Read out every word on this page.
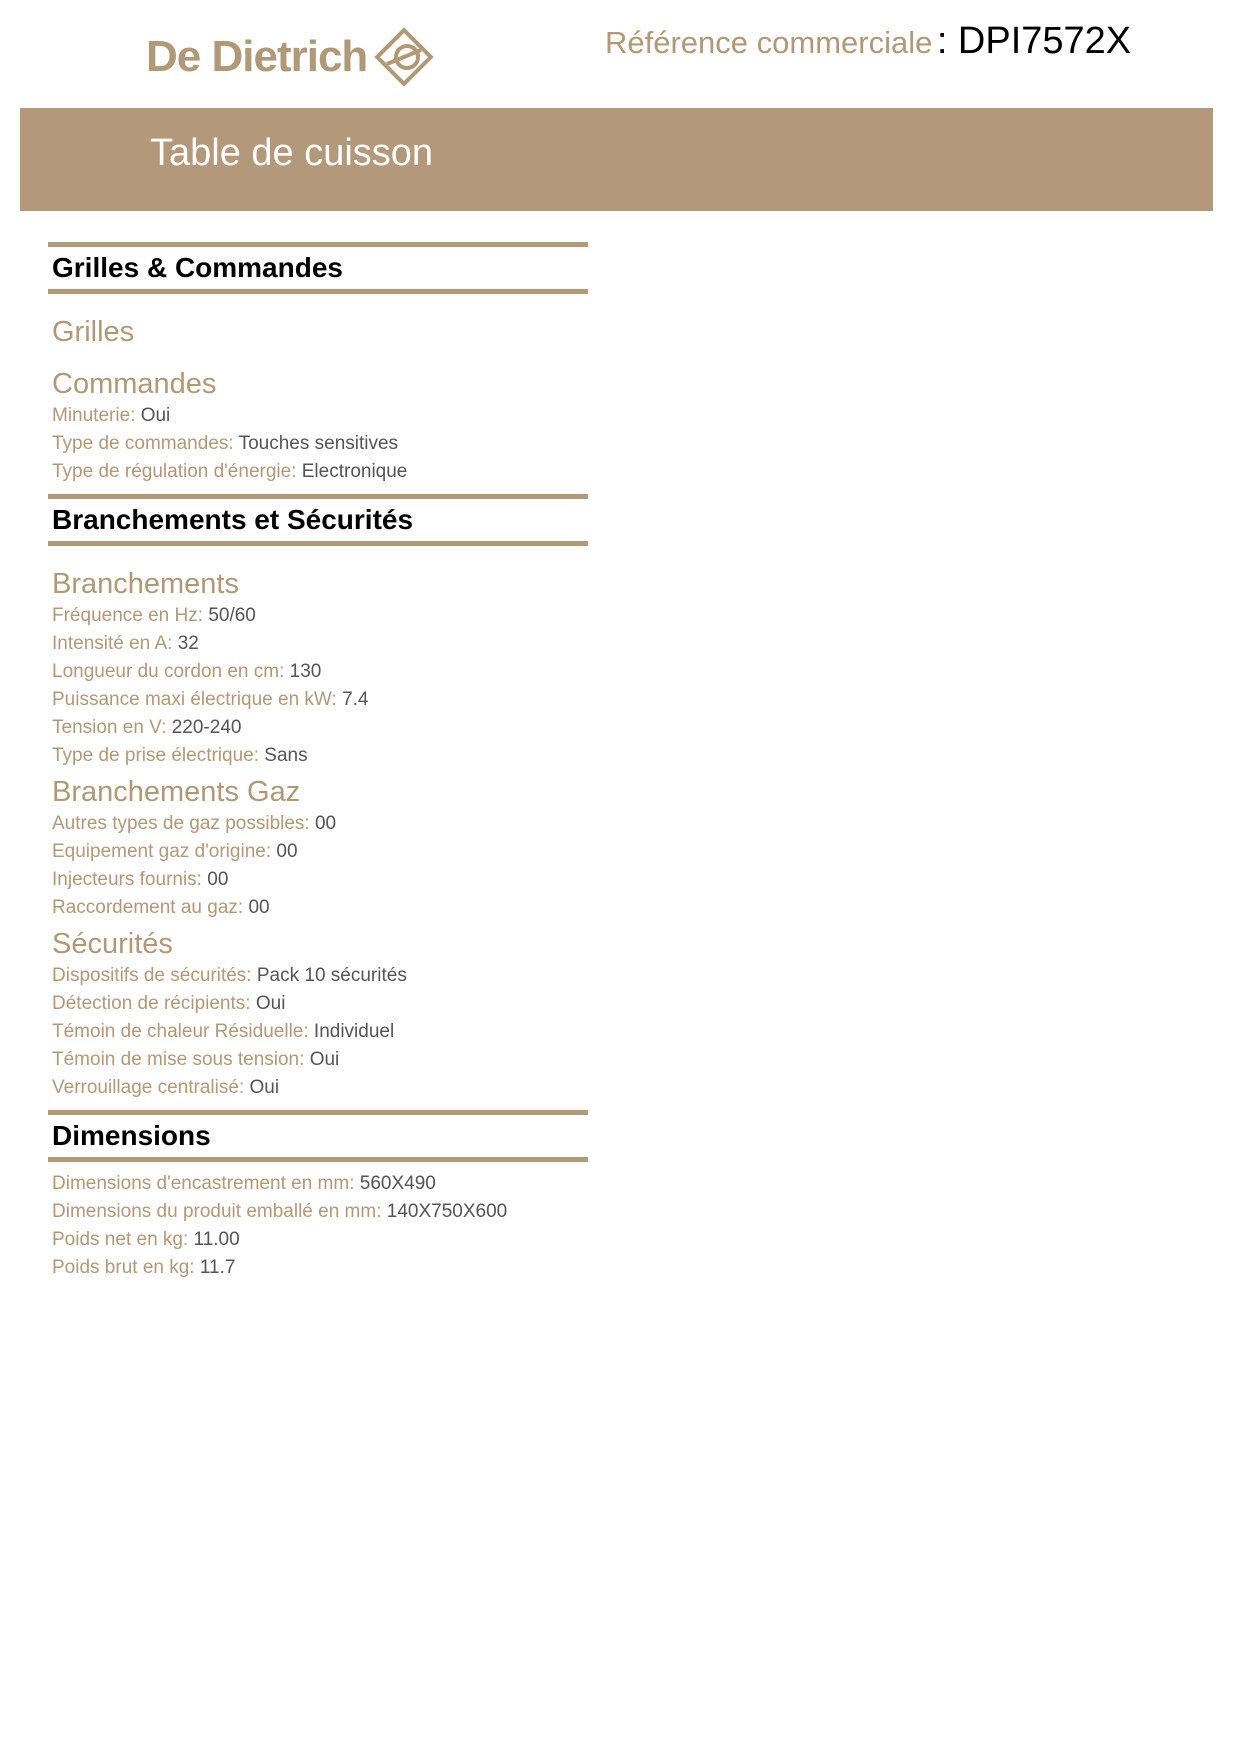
De Dietrich	Référence commerciale : DPI7572X
Table de cuisson
Grilles & Commandes
Grilles
Commandes
Minuterie: Oui
Type de commandes: Touches sensitives
Type de régulation d'énergie: Electronique
Branchements et Sécurités
Branchements
Fréquence en Hz: 50/60
Intensité en A: 32
Longueur du cordon en cm: 130
Puissance maxi électrique en kW: 7.4
Tension en V: 220-240
Type de prise électrique: Sans
Branchements Gaz
Autres types de gaz possibles: 00
Equipement gaz d'origine: 00
Injecteurs fournis: 00
Raccordement au gaz: 00
Sécurités
Dispositifs de sécurités: Pack 10 sécurités
Détection de récipients: Oui
Témoin de chaleur Résiduelle: Individuel
Témoin de mise sous tension: Oui
Verrouillage centralisé: Oui
Dimensions
Dimensions d'encastrement en mm: 560X490
Dimensions du produit emballé en mm: 140X750X600
Poids net en kg: 11.00
Poids brut en kg: 11.7
